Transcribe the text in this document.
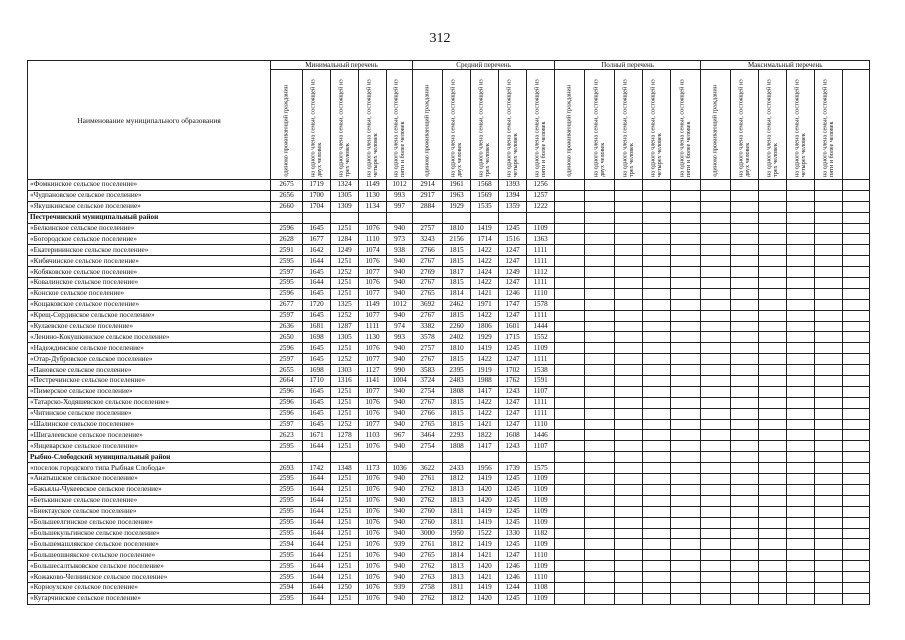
312
Наименование муниципального образования	Минимальный перечень					Средний перечень					Полный перечень					Максимальный перечень					

	одиноко проживающий гражданин	на одного члена семьи, состоящей из двух человек	на одного члена семьи, состоящей из трех человек	на одного члена семьи, состоящей из четырех человек	на одного члена семьи, состоящей из пяти и более человек	одиноко проживающий гражданин	на одного члена семьи, состоящей из двух человек	на одного члена семьи, состоящей из трех человек	на одного члена семьи, состоящей из четырех человек	на одного члена семьи, состоящей из пяти и более человек	одиноко проживающий гражданин	на одного члена семьи, состоящей из двух человек	на одного члена семьи, состоящей из трех человек	на одного члена семьи, состоящей из четырех человек	на одного члена семьи, состоящей из пяти и более человек	одиноко проживающий гражданин	на одного члена семьи, состоящей из двух человек	на одного члена семьи, состоящей из трех человек	на одного члена семьи, состоящей из четырех человек	на одного члена семьи, состоящей из пяти и более человек	

«Фомкинское сельское поселение»	2675	1719	1324	1149	1012	2914	1961	1568	1393	1256											
«Чудпановское сельское поселение»	2656	1700	1305	1130	993	2917	1963	1569	1394	1257											
«Якушкинское сельское поселение»	2660	1704	1309	1134	997	2884	1929	1535	1359	1222											
Пестречинский муниципальный район																					
«Белкинское сельское поселение»	2596	1645	1251	1076	940	2757	1810	1419	1245	1109											
«Богородское сельское поселение»	2628	1677	1284	1110	973	3243	2156	1714	1516	1363											
«Екатерининское сельское поселение»	2591	1642	1249	1074	938	2766	1815	1422	1247	1111											
«Кибячинское сельское поселение»	2595	1644	1251	1076	940	2767	1815	1422	1247	1111											
«Кобяковское сельское поселение»	2597	1645	1252	1077	940	2769	1817	1424	1249	1112											
«Ковалинское сельское поселение»	2595	1644	1251	1076	940	2767	1815	1422	1247	1111											
«Конское сельское поселение»	2596	1645	1251	1077	940	2765	1814	1421	1246	1110											
«Кощаковское сельское поселение»	2677	1720	1325	1149	1012	3692	2462	1971	1747	1578											
«Крещ-Сердинское сельское поселение»	2597	1645	1252	1077	940	2767	1815	1422	1247	1111											
«Кулаевское сельское поселение»	2636	1681	1287	1111	974	3382	2260	1806	1601	1444											
«Ленино-Кокушкинское сельское поселение»	2650	1698	1305	1130	993	3578	2402	1929	1715	1552											
«Надеждинское сельское поселение»	2596	1645	1251	1076	940	2757	1810	1419	1245	1109											
«Отар-Дубровское сельское поселение»	2597	1645	1252	1077	940	2767	1815	1422	1247	1111											
«Пановское сельское поселение»	2655	1698	1303	1127	990	3583	2395	1919	1702	1538											
«Пестречинское сельское поселение»	2664	1710	1316	1141	1004	3724	2483	1988	1762	1591											
«Пимерское сельское поселение»	2596	1645	1251	1077	940	2754	1808	1417	1243	1107											
«Татарско-Ходяшевское сельское поселение»	2596	1645	1251	1076	940	2767	1815	1422	1247	1111											
«Читинское сельское поселение»	2596	1645	1251	1076	940	2766	1815	1422	1247	1111											
«Шалинское сельское поселение»	2597	1645	1252	1077	940	2765	1815	1421	1247	1110											
«Шигалеевское сельское поселение»	2623	1671	1278	1103	967	3464	2293	1822	1608	1446											
«Янцеварское сельское поселение»	2595	1644	1251	1076	940	2754	1808	1417	1243	1107											
Рыбно-Слободский муниципальный район																					
«поселок городского типа Рыбная Слобода»	2693	1742	1348	1173	1036	3622	2433	1956	1739	1575											
«Анатышское сельское поселение»	2595	1644	1251	1076	940	2761	1812	1419	1245	1109											
«Бакьялы-Чукеевское сельское поселение»	2595	1644	1251	1076	940	2762	1813	1420	1245	1109											
«Бетькинское сельское поселение»	2595	1644	1251	1076	940	2762	1813	1420	1245	1109											
«Биектауское сельское поселение»	2595	1644	1251	1076	940	2760	1811	1419	1245	1109											
«Большеелгинское сельское поселение»	2595	1644	1251	1076	940	2760	1811	1419	1245	1109											
«Большекульгинское сельское поселение»	2595	1644	1251	1076	940	3000	1950	1522	1330	1182											
«Большемашлякское сельское поселение»	2594	1644	1251	1076	939	2761	1812	1419	1245	1109											
«Большеошнякское сельское поселение»	2595	1644	1251	1076	940	2765	1814	1421	1247	1110											
«Большесалтыковское сельское поселение»	2595	1644	1251	1076	940	2762	1813	1420	1246	1109											
«Кожаково-Челнинское сельское поселение»	2595	1644	1251	1076	940	2763	1813	1421	1246	1110											
«Корноухское сельское поселение»	2594	1644	1250	1076	939	2758	1811	1419	1244	1108											
«Кугарчинское сельское поселение»	2595	1644	1251	1076	940	2762	1812	1420	1245	1109											
